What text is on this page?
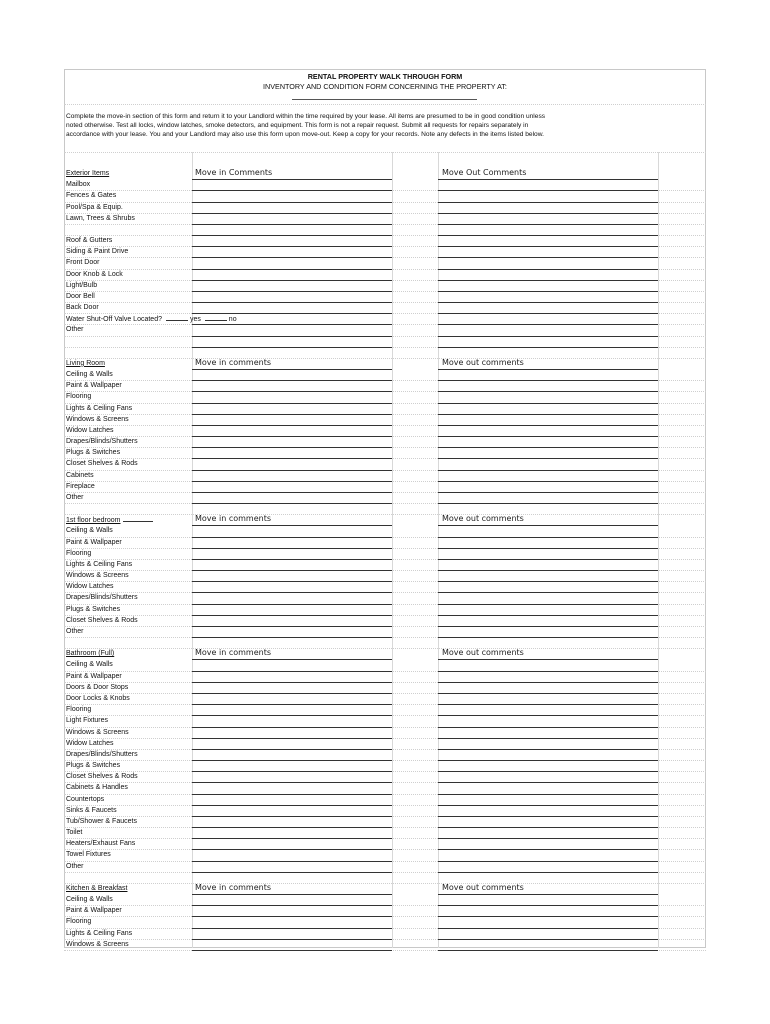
RENTAL PROPERTY WALK THROUGH FORM
INVENTORY AND CONDITION FORM CONCERNING THE PROPERTY AT:
Complete the move-in section of this form and return it to your Landlord within the time required by your lease. All items are presumed to be in good condition unless
noted otherwise. Test all locks, window latches, smoke detectors, and equipment. This form is not a repair request. Submit all requests for repairs separately in
accordance with your lease. You and your Landlord may also use this form upon move-out. Keep a copy for your records. Note any defects in the items listed below.
Exterior Items	Move in Comments	Move Out Comments
Mailbox
Fences & Gates
Pool/Spa & Equip.
Lawn, Trees & Shrubs
Roof & Gutters
Siding & Paint Drive
Front Door
Door Knob & Lock
Light/Bulb
Door Bell
Back Door
Water Shut-Off Valve Located?	yes	no
Other
Living Room	Move in comments	Move out comments
Ceiling & Walls
Paint & Wallpaper
Flooring
Lights & Ceiling Fans
Windows & Screens
Widow Latches
Drapes/Blinds/Shutters
Plugs & Switches
Closet Shelves & Rods
Cabinets
Fireplace
Other
1st floor bedroom	Move in comments	Move out comments
Ceiling & Walls
Paint & Wallpaper
Flooring
Lights & Ceiling Fans
Windows & Screens
Widow Latches
Drapes/Blinds/Shutters
Plugs & Switches
Closet Shelves & Rods
Other
Bathroom (Full)	Move in comments	Move out comments
Ceiling & Walls
Paint & Wallpaper
Doors & Door Stops
Door Locks & Knobs
Flooring
Light Fixtures
Windows & Screens
Widow Latches
Drapes/Blinds/Shutters
Plugs & Switches
Closet Shelves & Rods
Cabinets & Handles
Countertops
Sinks & Faucets
Tub/Shower & Faucets
Toilet
Heaters/Exhaust Fans
Towel Fixtures
Other
Kitchen & Breakfast	Move in comments	Move out comments
Ceiling & Walls
Paint & Wallpaper
Flooring
Lights & Ceiling Fans
Windows & Screens
